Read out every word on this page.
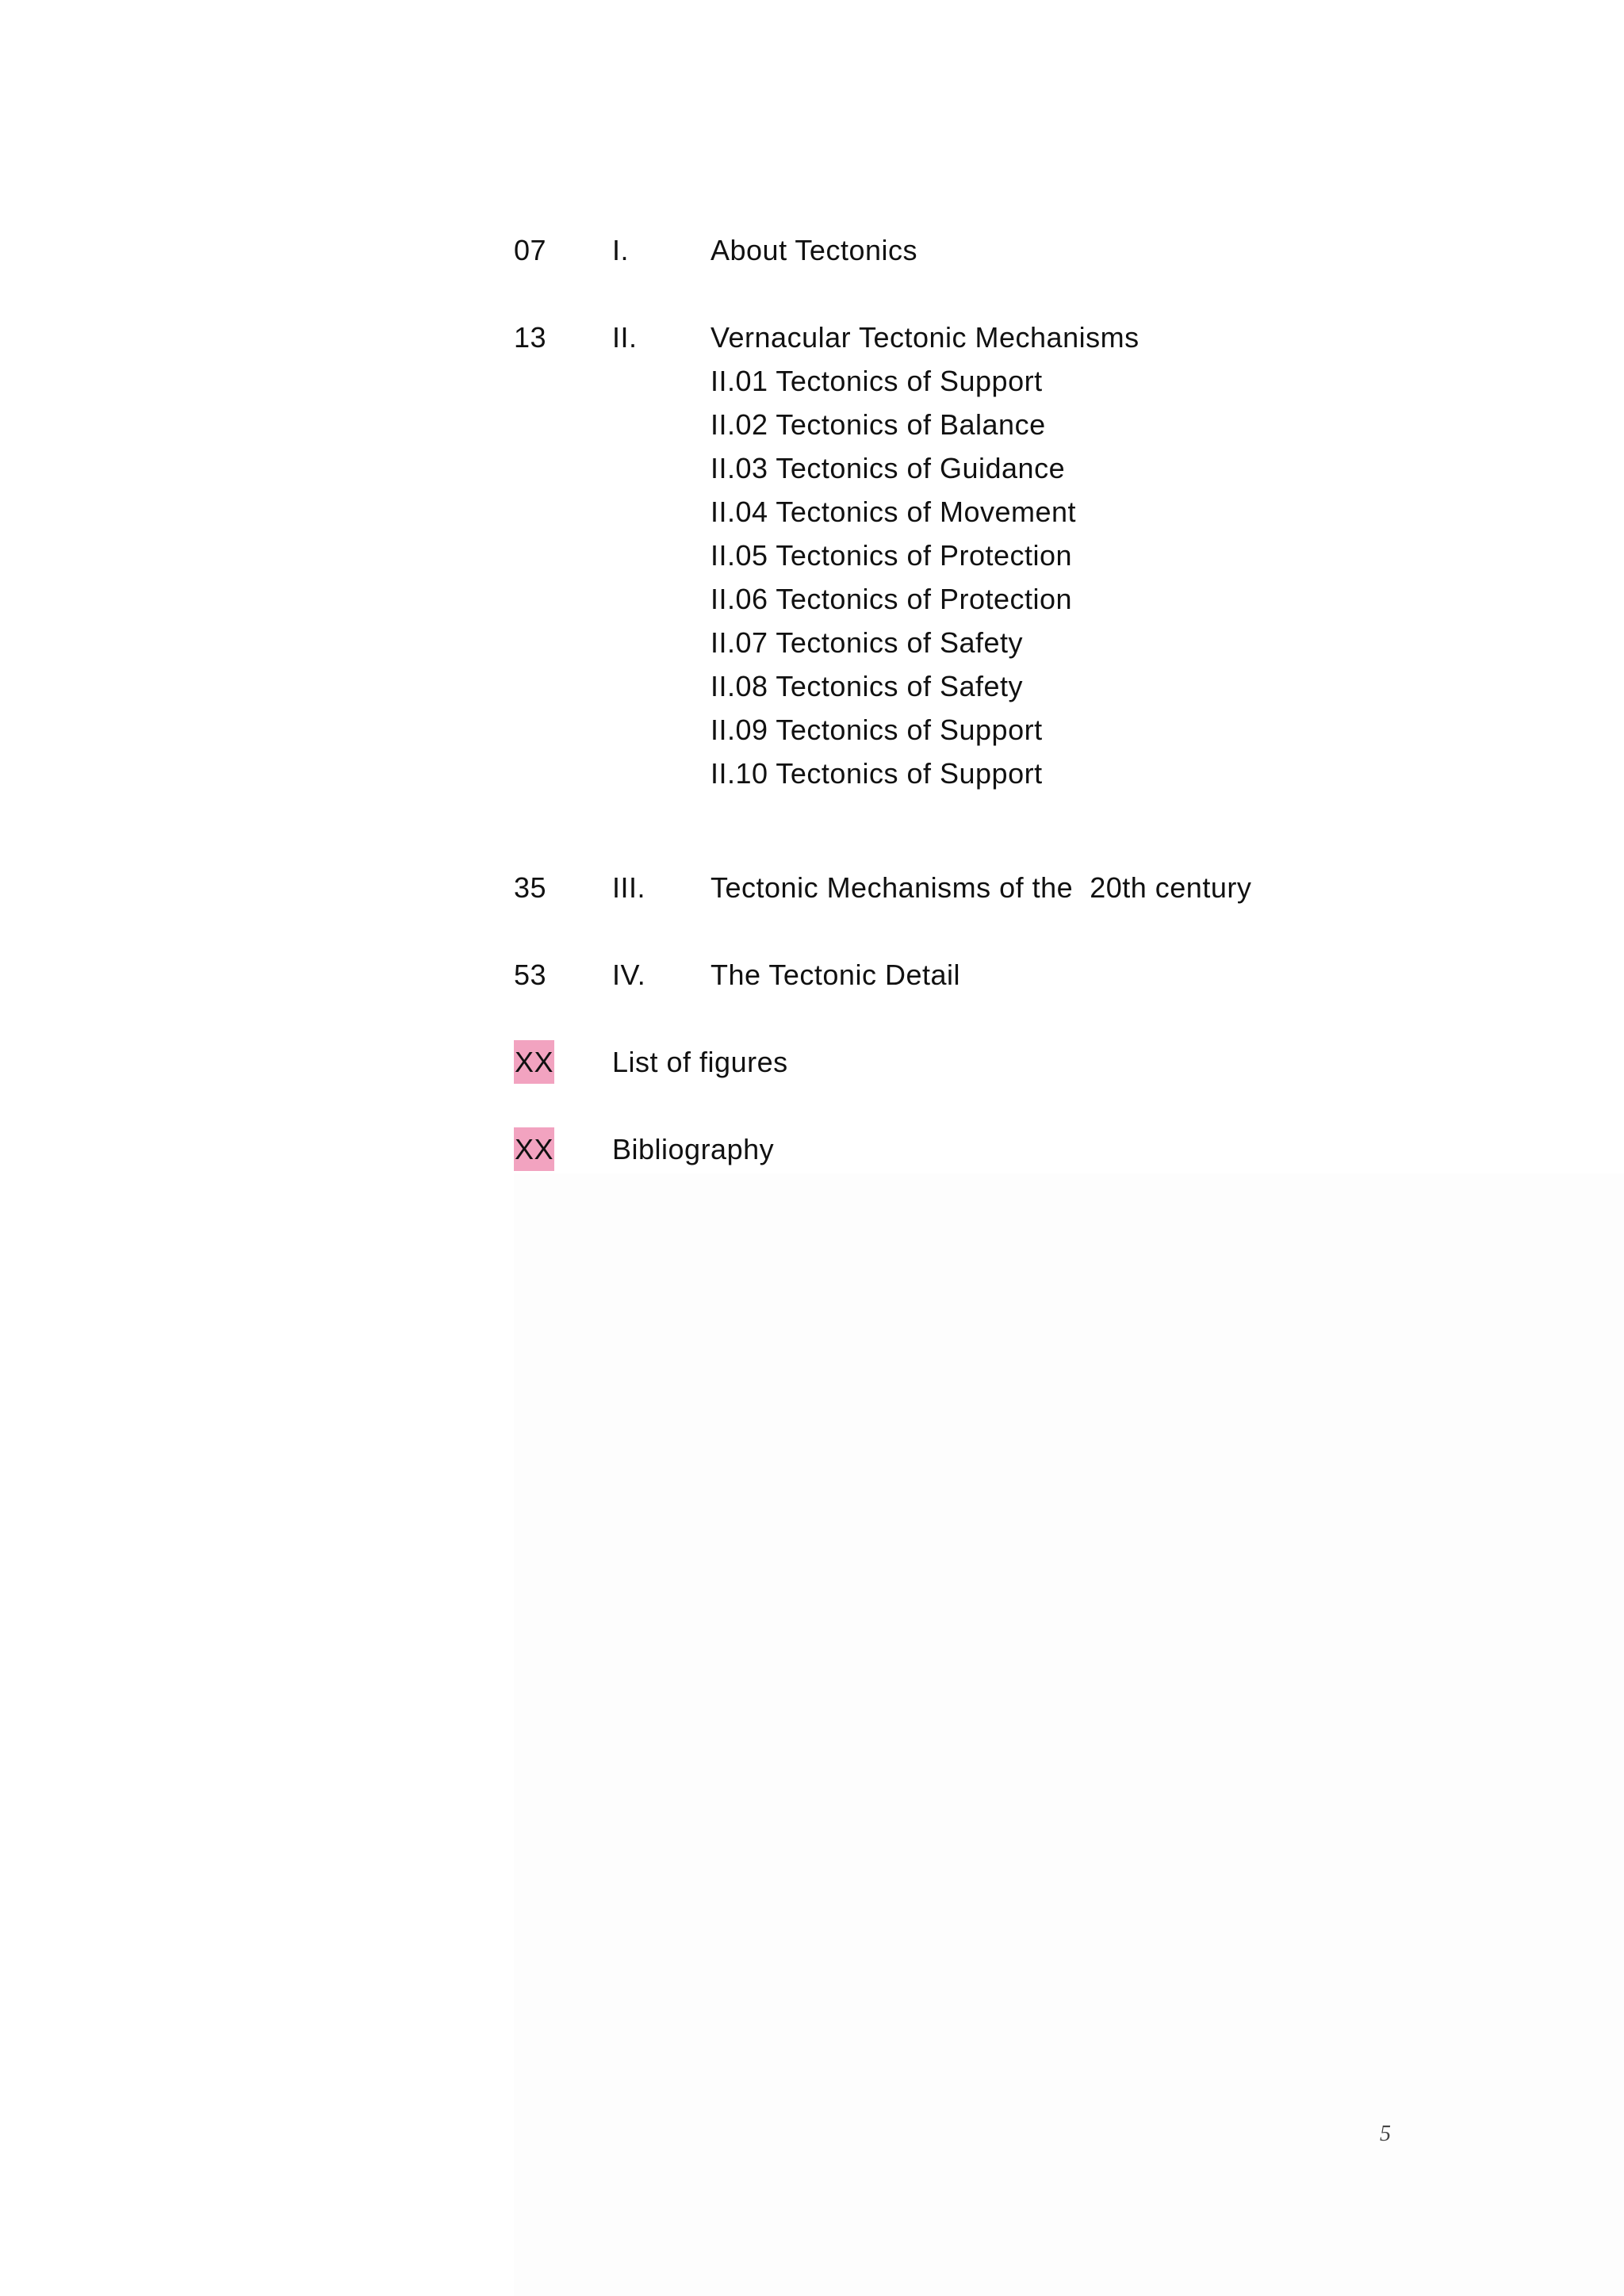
07 I.	About Tectonics
13 II.	Vernacular Tectonic Mechanisms
II.01 Tectonics of Support
II.02 Tectonics of Balance
II.03 Tectonics of Guidance
II.04 Tectonics of Movement
II.05 Tectonics of Protection
II.06 Tectonics of Protection
II.07 Tectonics of Safety
II.08 Tectonics of Safety
II.09 Tectonics of Support
II.10 Tectonics of Support
35 III. Tectonic Mechanisms of the  20th century
53 IV. The Tectonic Detail
XX List of figures
XX Bibliography
5
